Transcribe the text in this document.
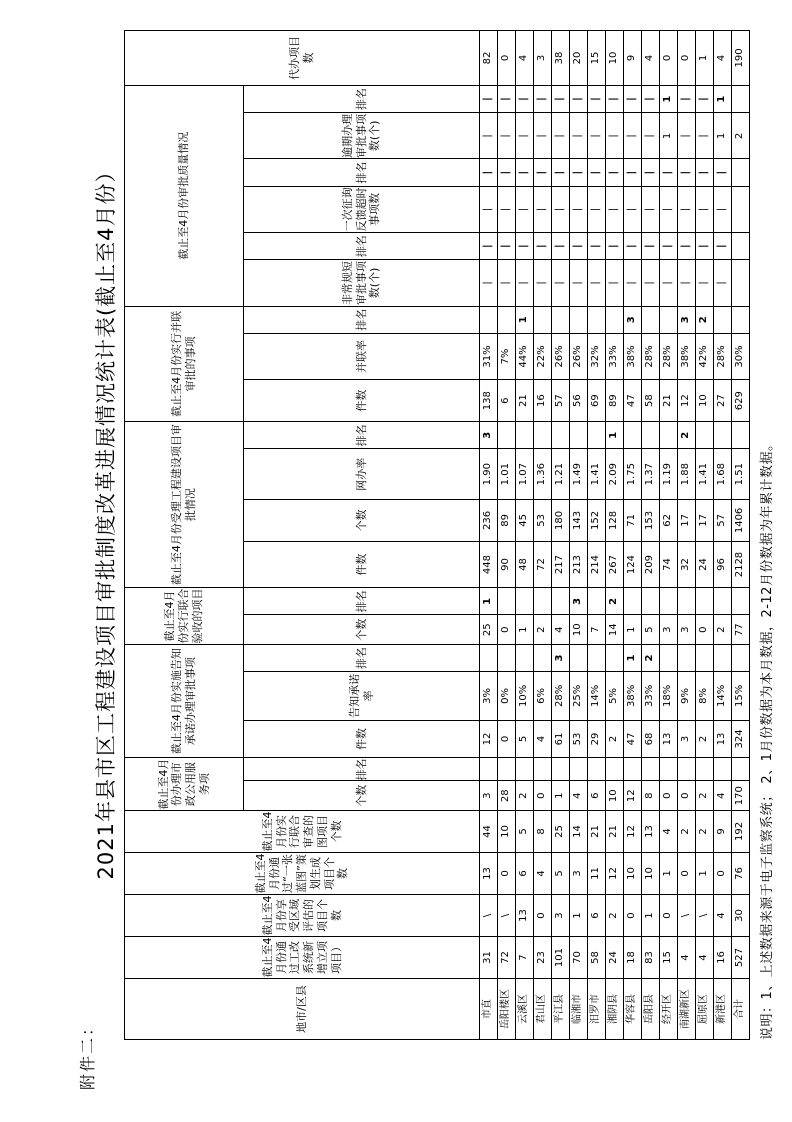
附件二：
2021年县市区工程建设项目审批制度改革进展情况统计表(截止至4月份）
地市/区县	截止至4月份通过工改系统新增立项项目）	截止至4月份享受区域评估的项目个数	截止至4月份通过“一张蓝图”策划生成项目个数	截止至4月份实行联合审查的图项目个数	截止至4月份办理市政公用服务项		截止至4月份实施告知承诺办理审批事项			截止至4月份实行联合验收的项目		截止至4月份受理工程建设项目审批情况				截止至4月份实行并联审批的事项			截止至4月份审批质量情况						代办项目数
					个数	排名	件数	告知承诺率	排名	个数	排名	件数	个数	网办率	排名	件数	并联率	排名	非常规短审批事项数(个)	排名	一次征询反馈超时事项数	排名	逾期办理审批事项数(个)	排名	
市直	31	\	13	44	3		12	3%		25	1	448	236	1.90	3	138	31%		|	|	|	|	|	|	82
岳阳楼区	72	\	0	10	28		0	0%		0		90	89	1.01		6	7%		|	|	|	|	|	|	0
云溪区	7	13	6	5	2		5	10%		1		48	45	1.07		21	44%	1	|	|	|	|	|	|	4
君山区	23	0	4	8	0		4	6%		2		72	53	1.36		16	22%		|	|	|	|	|	|	3
平江县	101	3	5	25	1		61	28%	3	4		217	180	1.21		57	26%		|	|	|	|	|	|	38
临湘市	70	1	3	14	4		53	25%		10	3	213	143	1.49		56	26%		|	|	|	|	|	|	20
汨罗市	58	6	11	21	6		29	14%		7		214	152	1.41		69	32%		|	|	|	|	|	|	15
湘阴县	24	2	12	21	10		2	5%		14	2	267	128	2.09	1	89	33%		|	|	|	|	|	|	10
华容县	18	0	10	12	12		47	38%	1	1		124	71	1.75		47	38%	3	|	|	|	|	|	|	9
岳阳县	83	1	10	13	8		68	33%	2	5		209	153	1.37		58	28%		|	|	|	|	|	|	4
经开区	15	0	1	4	0		13	18%		3		74	62	1.19		21	28%		|	|	|	|	1	1	0
南湖新区	4	\	0	2	0		3	9%		3		32	17	1.88	2	12	38%	3	|	|	|	|	|	|	0
屈原区	4	\	1	2	2		2	8%		0		24	17	1.41		10	42%	2	|	|	|	|	|	|	1
新港区	16	4	0	9	4		13	14%		2		96	57	1.68		27	28%		|	|	|	|	1	1	4
合计	527	30	76	192	170		324	15%		77		2128	1406	1.51		629	30%						2		190
说明：1、上述数据来源于电子监察系统； 2、1月份数据为本月数据，2-12月份数据为年累计数据。
